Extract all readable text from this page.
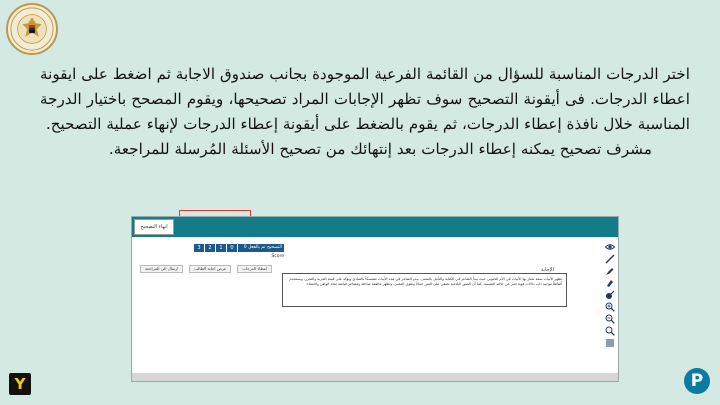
اختر الدرجات المناسبة للسؤال من القائمة الفرعية الموجودة بجانب صندوق الاجابة ثم اضغط على ايقونة اعطاء الدرجات. فى أيقونة التصحيح سوف تظهر الإجابات المراد تصحيحها، ويقوم المصحح باختيار الدرجة المناسبة خلال نافذة إعطاء الدرجات، ثم يقوم بالضغط على أيقونة إعطاء الدرجات لإنهاء عملية التصحيح.

مشرف تصحيح يمكنه إعطاء الدرجات بعد إنتهائك من تصحيح الأسئلة المُرسلة للمراجعة.

انهاء التصحيح
3	2	1	0	التصحيح تم بالفعل 0
Score
ارسال الى المراجعة	عرض اجابة الطالب	اعطاء الدرجات	الإجابة
تظهر الأبيات سمة تمتاز بها الأبيات في الأم الجنوبي حيث يبدأ الشاعر في الكتابة والتأمل بالمعنى. يبدو الشاعر في هذه الأبيات متمسكاً بالمبادئ ويؤكد على قيمة الحرية والتحرر، ويستخدم ألفاظاً موحية ذات دلالات قوية تعبر عن حالته النفسية. كما أن الصور البلاغية تضفي على النص جمالاً وتقوي المعنى، وتظهر عاطفة صادقة ومشاعر فياضة تجاه الوطن والانتماء.
Y	P
